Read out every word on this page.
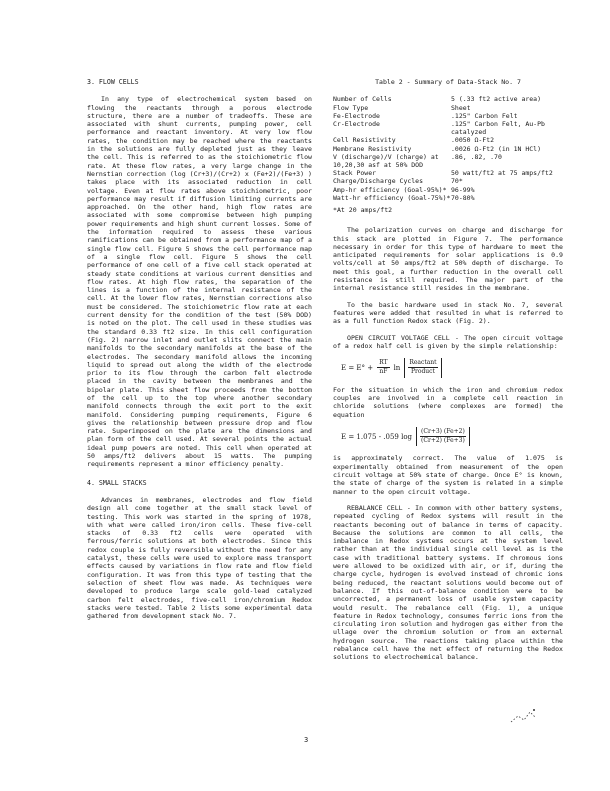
3. FLOW CELLS

In any type of electrochemical system based on flowing the reactants through a porous electrode structure, there are a number of tradeoffs. These are associated with shunt currents, pumping power, cell performance and reactant inventory. At very low flow rates, the condition may be reached where the reactants in the solutions are fully depleted just as they leave the cell. This is referred to as the stoichiometric flow rate. At these flow rates, a very large change in the Nernstian correction (log (Cr+3)/(Cr+2) x (Fe+2)/(Fe+3) ) takes place with its associated reduction in cell voltage. Even at flow rates above stoichiometric, poor performance may result if diffusion limiting currents are approached. On the other hand, high flow rates are associated with some compromise between high pumping power requirements and high shunt current losses. Some of the information required to assess these various ramifications can be obtained from a performance map of a single flow cell. Figure 5 shows the cell performance map of a single flow cell. Figure 5 shows the cell performance of one cell of a five cell stack operated at steady state conditions at various current densities and flow rates. At high flow rates, the separation of the lines is a function of the internal resistance of the cell. At the lower flow rates, Nernstian corrections also must be considered. The stoichiometric flow rate at each current density for the condition of the test (50% DOD) is noted on the plot. The cell used in these studies was the standard 0.33 ft2 size. In this cell configuration (Fig. 2) narrow inlet and outlet slits connect the main manifolds to the secondary manifolds at the base of the electrodes. The secondary manifold allows the incoming liquid to spread out along the width of the electrode prior to its flow through the carbon felt electrode placed in the cavity between the membranes and the bipolar plate. This sheet flow proceeds from the bottom of the cell up to the top where another secondary manifold connects through the exit port to the exit manifold. Considering pumping requirements, Figure 6 gives the relationship between pressure drop and flow rate. Superimposed on the plate are the dimensions and plan form of the cell used. At several points the actual ideal pump powers are noted. This cell when operated at 50 amps/ft2 delivers about 15 watts. The pumping requirements represent a minor efficiency penalty.

4. SMALL STACKS

Advances in membranes, electrodes and flow field design all come together at the small stack level of testing. This work was started in the spring of 1978, with what were called iron/iron cells. These five-cell stacks of 0.33 ft2 cells were operated with ferrous/ferric solutions at both electrodes. Since this redox couple is fully reversible without the need for any catalyst, these cells were used to explore mass transport effects caused by variations in flow rate and flow field configuration. It was from this type of testing that the selection of sheet flow was made. As techniques were developed to produce large scale gold-lead catalyzed carbon felt electrodes, five-cell iron/chromium Redox stacks were tested. Table 2 lists some experimental data gathered from development stack No. 7.

Table 2 - Summary of Data-Stack No. 7
Number of Cells	5 (.33 ft2 active area)
Flow Type	Sheet
Fe-Electrode	.125" Carbon Felt
Cr-Electrode	.125" Carbon Felt, Au-Pb catalyzed
Cell Resistivity	.0050 Ω-Ft2
Membrane Resistivity	.0026 Ω-Ft2 (in 1N HCl)
V (discharge)/V (charge) at 10,20,30 asf at 50% DOD	.86, .82, .70
Stack Power	50 watt/ft2 at 75 amps/ft2
Charge/Discharge Cycles	70*
Amp-hr efficiency (Goal-95%)*	96-99%
Watt-hr efficiency (Goal-75%)*	70-80%
*At 20 amps/ft2

The polarization curves on charge and discharge for this stack are plotted in Figure 7. The performance necessary in order for this type of hardware to meet the anticipated requirements for solar applications is 0.9 volts/cell at 50 amps/ft2 at 50% depth of discharge. To meet this goal, a further reduction in the overall cell resistance is still required. The major part of the internal resistance still resides in the membrane.

To the basic hardware used in stack No. 7, several features were added that resulted in what is referred to as a full function Redox stack (Fig. 2).

OPEN CIRCUIT VOLTAGE CELL - The open circuit voltage of a redox half cell is given by the simple relationship:

$E = E^\circ + \frac{RT}{nF}$ ln
Reactant
Product

For the situation in which the iron and chromium redox couples are involved in a complete cell reaction in chloride solutions (where complexes are formed) the equation

E = 1.075 - .059 $\log \frac{(Cr+3) (Fe+2)}{(Cr+2) (Fe+3)}$

is approximately correct. The value of 1.075 is experimentally obtained from measurement of the open circuit voltage at 50% state of charge. Once E° is known, the state of charge of the system is related in a simple manner to the open circuit voltage.

REBALANCE CELL - In common with other battery systems, repeated cycling of Redox systems will result in the reactants becoming out of balance in terms of capacity. Because the solutions are common to all cells, the imbalance in Redox systems occurs at the system level rather than at the individual single cell level as is the case with traditional battery systems. If chromous ions were allowed to be oxidized with air, or if, during the charge cycle, hydrogen is evolved instead of chromic ions being reduced, the reactant solutions would become out of balance. If this out-of-balance condition were to be uncorrected, a permanent loss of usable system capacity would result. The rebalance cell (Fig. 1), a unique feature in Redox technology, consumes ferric ions from the circulating iron solution and hydrogen gas either from the ullage over the chromium solution or from an external hydrogen source. The reactions taking place within the rebalance cell have the net effect of returning the Redox solutions to electrochemical balance.

3
